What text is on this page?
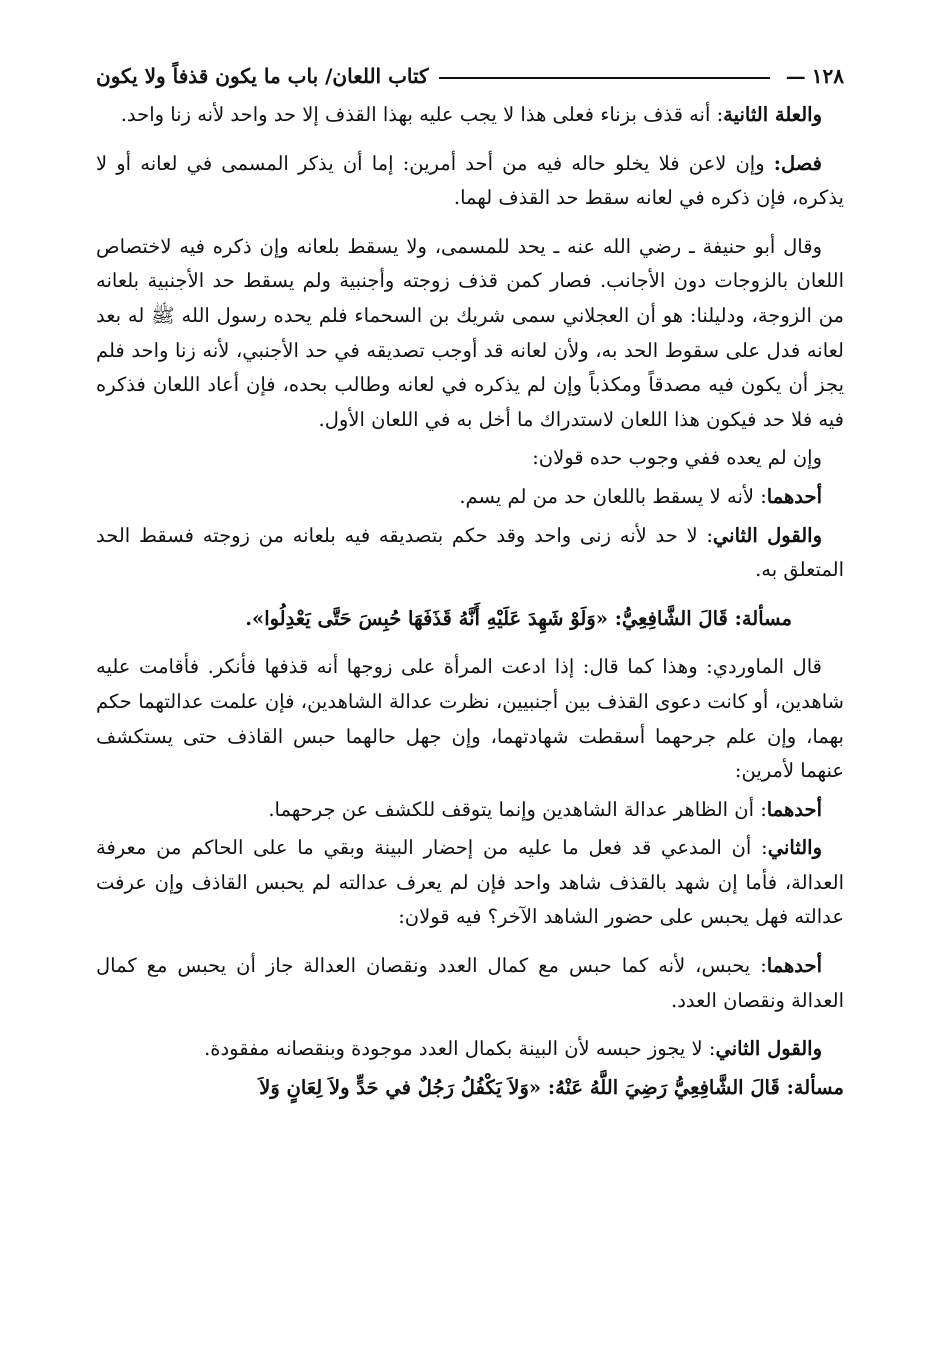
١٢٨
—
كتاب اللعان/ باب ما يكون قذفاً ولا يكون

والعلة الثانية: أنه قذف بزناء فعلى هذا لا يجب عليه بهذا القذف إلا حد واحد لأنه زنا واحد.

فصل: وإن لاعن فلا يخلو حاله فيه من أحد أمرين: إما أن يذكر المسمى في لعانه أو لا يذكره، فإن ذكره في لعانه سقط حد القذف لهما.

وقال أبو حنيفة ـ رضي الله عنه ـ يحد للمسمى، ولا يسقط بلعانه وإن ذكره فيه لاختصاص اللعان بالزوجات دون الأجانب. فصار كمن قذف زوجته وأجنبية ولم يسقط حد الأجنبية بلعانه من الزوجة، ودليلنا: هو أن العجلاني سمى شريك بن السحماء فلم يحده رسول الله ﷺ له بعد لعانه فدل على سقوط الحد به، ولأن لعانه قد أوجب تصديقه في حد الأجنبي، لأنه زنا واحد فلم يجز أن يكون فيه مصدقاً ومكذباً وإن لم يذكره في لعانه وطالب بحده، فإن أعاد اللعان فذكره فيه فلا حد فيكون هذا اللعان لاستدراك ما أخل به في اللعان الأول.

وإن لم يعده ففي وجوب حده قولان:

أحدهما: لأنه لا يسقط باللعان حد من لم يسم.

والقول الثاني: لا حد لأنه زنى واحد وقد حكم بتصديقه فيه بلعانه من زوجته فسقط الحد المتعلق به.

مسألة: قَالَ الشَّافِعِيُّ: «وَلَوْ شَهِدَ عَلَيْهِ أَنَّهُ قَذَفَهَا حُبِسَ حَتَّى يَعْدِلُوا».

قال الماوردي: وهذا كما قال: إذا ادعت المرأة على زوجها أنه قذفها فأنكر. فأقامت عليه شاهدين، أو كانت دعوى القذف بين أجنبيين، نظرت عدالة الشاهدين، فإن علمت عدالتهما حكم بهما، وإن علم جرحهما أسقطت شهادتهما، وإن جهل حالهما حبس القاذف حتى يستكشف عنهما لأمرين:

أحدهما: أن الظاهر عدالة الشاهدين وإنما يتوقف للكشف عن جرحهما.

والثاني: أن المدعي قد فعل ما عليه من إحضار البينة وبقي ما على الحاكم من معرفة العدالة، فأما إن شهد بالقذف شاهد واحد فإن لم يعرف عدالته لم يحبس القاذف وإن عرفت عدالته فهل يحبس على حضور الشاهد الآخر؟ فيه قولان:

أحدهما: يحبس، لأنه كما حبس مع كمال العدد ونقصان العدالة جاز أن يحبس مع كمال العدالة ونقصان العدد.

والقول الثاني: لا يجوز حبسه لأن البينة بكمال العدد موجودة وبنقصانه مفقودة.

مسألة: قَالَ الشَّافِعِيُّ رَضِيَ اللَّهُ عَنْهُ: «وَلاَ يَكْفُلُ رَجُلٌ في حَدٍّ ولاَ لِعَانٍ وَلاَ
